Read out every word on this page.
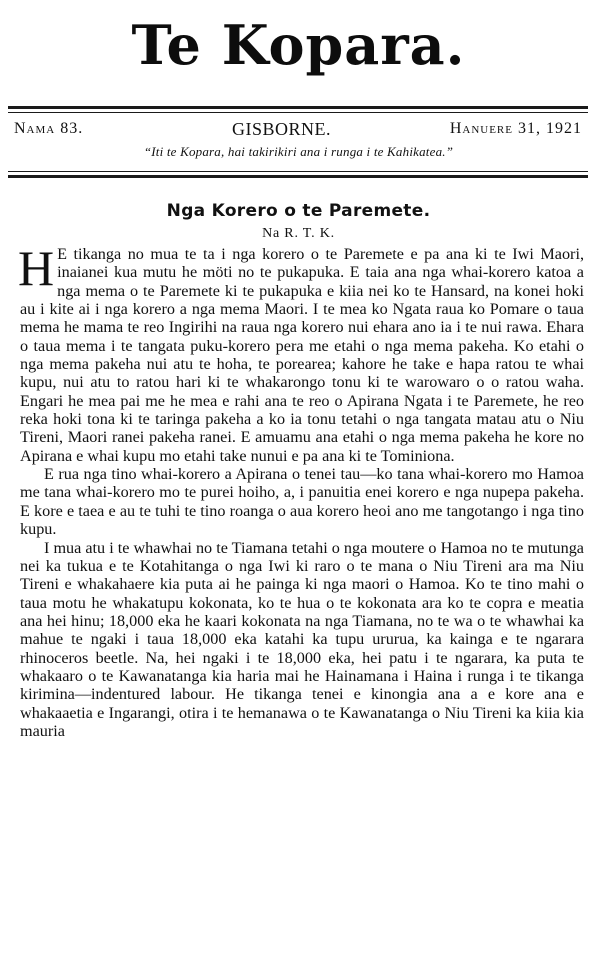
Te Kopara.
Nama 83.	GISBORNE.	Hanuere 31, 1921
“Iti te Kopara, hai takirikiri ana i runga i te Kahikatea.”
Nga Korero o te Paremete.
Na R. T. K.

H E tikanga no mua te ta i nga korero o te Paremete e pa ana ki te Iwi Maori, inaianei kua mutu he möti no te pukapuka. E taia ana nga whai-korero katoa a nga mema o te Paremete ki te pukapuka e kiia nei ko te Hansard, na konei hoki au i kite ai i nga korero a nga mema Maori. I te mea ko Ngata raua ko Pomare o taua mema he mama te reo Ingirihi na raua nga korero nui ehara ano ia i te nui rawa. Ehara o taua mema i te tangata puku-korero pera me etahi o nga mema pakeha. Ko etahi o nga mema pakeha nui atu te hoha, te porearea; kahore he take e hapa ratou te whai kupu, nui atu to ratou hari ki te whakarongo tonu ki te warowaro o o ratou waha. Engari he mea pai me he mea e rahi ana te reo o Apirana Ngata i te Paremete, he reo reka hoki tona ki te taringa pakeha a ko ia tonu tetahi o nga tangata matau atu o Niu Tireni, Maori ranei pakeha ranei. E amuamu ana etahi o nga mema pakeha he kore no Apirana e whai kupu mo etahi take nunui e pa ana ki te Tominiona.

E rua nga tino whai-korero a Apirana o tenei tau—ko tana whai-korero mo Hamoa me tana whai-korero mo te purei hoiho, a, i panuitia enei korero e nga nupepa pakeha. E kore e taea e au te tuhi te tino roanga o aua korero heoi ano me tangotango i nga tino kupu.

I mua atu i te whawhai no te Tiamana tetahi o nga moutere o Hamoa no te mutunga nei ka tukua e te Kotahitanga o nga Iwi ki raro o te mana o Niu Tireni ara ma Niu Tireni e whakahaere kia puta ai he painga ki nga maori o Hamoa. Ko te tino mahi o taua motu he whakatupu kokonata, ko te hua o te kokonata ara ko te copra e meatia ana hei hinu; 18,000 eka he kaari kokonata na nga Tiamana, no te wa o te whawhai ka mahue te ngaki i taua 18,000 eka katahi ka tupu ururua, ka kainga e te ngarara rhinoceros beetle. Na, hei ngaki i te 18,000 eka, hei patu i te ngarara, ka puta te whakaaro o te Kawanatanga kia haria mai he Hainamana i Haina i runga i te tikanga kirimina—indentured labour. He tikanga tenei e kinongia ana a e kore ana e whakaaetia e Ingarangi, otira i te hemanawa o te Kawanatanga o Niu Tireni ka kiia kia mauria
